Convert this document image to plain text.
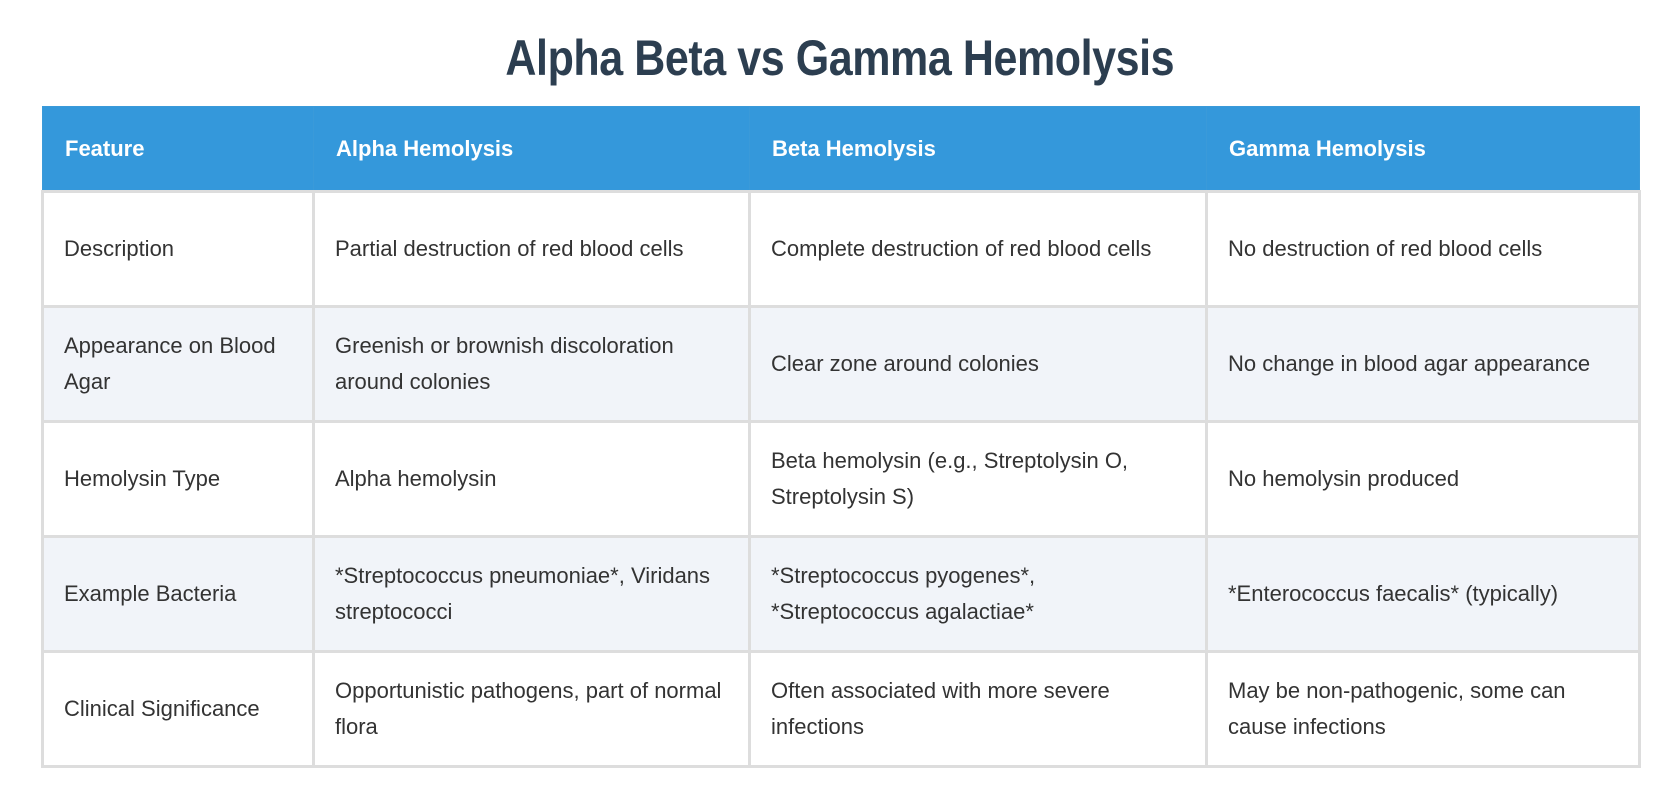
Alpha Beta vs Gamma Hemolysis
Feature	Alpha Hemolysis	Beta Hemolysis	Gamma Hemolysis
Description	Partial destruction of red blood cells	Complete destruction of red blood cells	No destruction of red blood cells
Appearance on Blood Agar	Greenish or brownish discoloration around colonies	Clear zone around colonies	No change in blood agar appearance
Hemolysin Type	Alpha hemolysin	Beta hemolysin (e.g., Streptolysin O, Streptolysin S)	No hemolysin produced
Example Bacteria	*Streptococcus pneumoniae*, Viridans streptococci	*Streptococcus pyogenes*, *Streptococcus agalactiae*	*Enterococcus faecalis* (typically)
Clinical Significance	Opportunistic pathogens, part of normal flora	Often associated with more severe infections	May be non-pathogenic, some can cause infections
